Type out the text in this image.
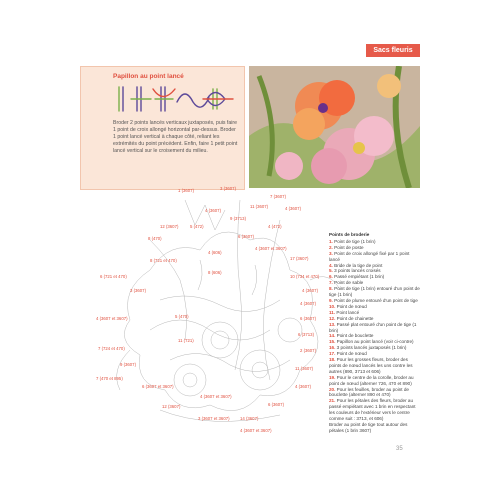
Sacs fleuris
Papillon au point lancé
Broder 2 points lancés verticaux juxtaposés, puis faire 1 point de croix allongé horizontal par-dessus. Broder 1 point lancé vertical à chaque côté, reliant les extrémités du point précédent. Enfin, faire 1 petit point lancé vertical sur le croisement du milieu.
1 (3607)	3 (3607)
7 (3607)
4 (3607)
11 (3607)	4 (3607)
9 (3713)
8 (470)
5 (472)
12 (3607)	4 (472)
6 (3607)
8 (721 et 470)
4 (3607 et 3607)
4 (606)
17 (3607)
6 (721 et 470)	10 (734 et 470)
8 (606)
4 (3607)
3 (3607)
4 (3607)
4 (3607 et 3607)	6 (3607)
5 (470)
6 (3713)
7 (724 et 470)
11 (721)
7 (470 et 895)
2 (3607)
9 (3607)
11 (3607)
6 (3607 et 3607)	4 (3607)
4 (3607 et 3607)
12 (3607)
3 (3607 et 3607) 14 (3607)
6 (3607)
4 (3607 et 3607)
Points de broderie
1. Point de tige (1 brin)
2. Point de poste
3. Point de croix allongé fixé par 1 point lancé
4. Bride de la tige de point
5. 3 points lancés croisés
6. Passé empiétant (1 brin)
7. Point de sable
8. Point de tige (1 brin) entouré d'un point de tige (1 brin)
9. Point de plume entouré d'un point de tige
10. Point de nœud
11. Point lancé
12. Point de chainette
13. Passé plat entouré d'un point de tige (1 brin)
14. Point de bouclette
15. Papillon au point lancé (voir ci-contre)
16. 3 points lancés juxtaposés (1 brin)
17. Point de nœud
18. Pour les grosses fleurs, broder des points de nœud lancés les uns contre les autres (890, 3713 et 606)
19. Pour le centre de la corolle, broder au point de nœud (alterner 726, 470 et 890)
20. Pour les feuilles, broder au point de bouclette (alterner 890 et 470)
21. Pour les pétales des fleurs, broder au passé empiétant avec 1 brin en respectant les couleurs de l'extérieur vers le centre comme suit : 3713, et 606)
Broder au point de tige tout autour des pétales (1 brin 3607)
35
